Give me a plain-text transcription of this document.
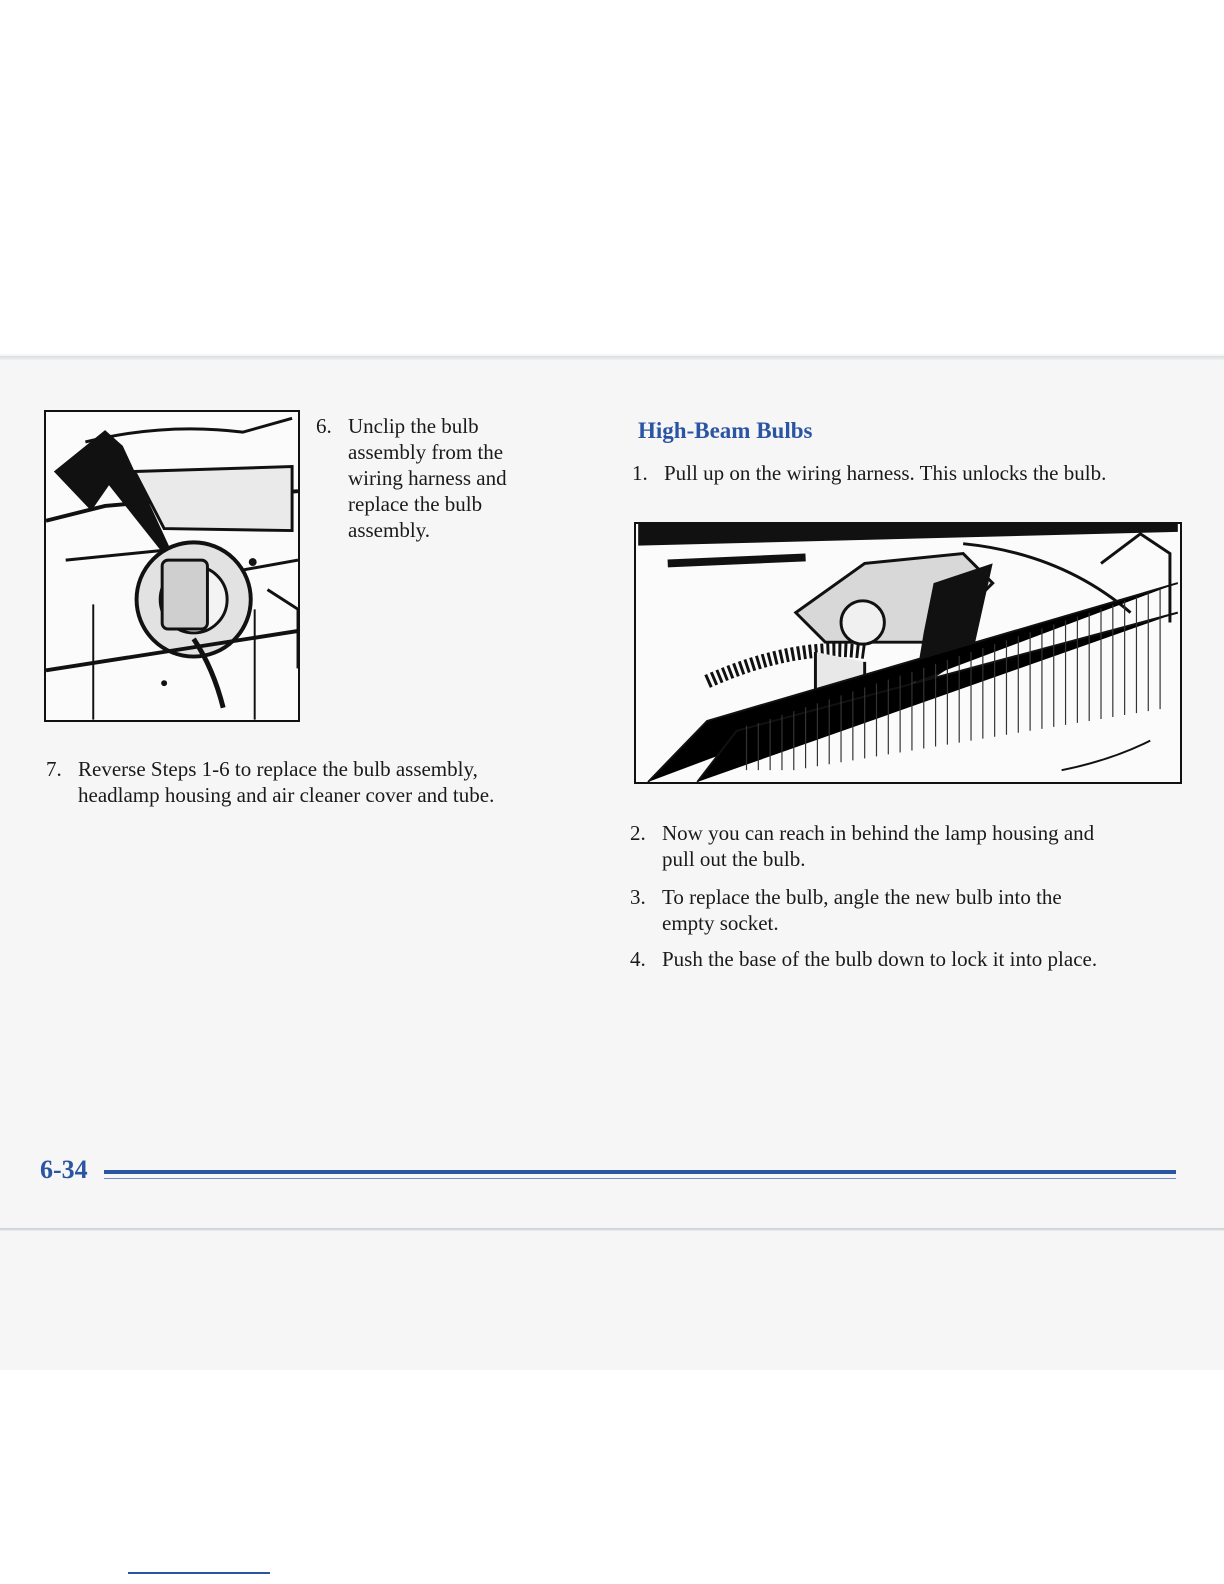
6. Unclip the bulb
assembly from the
wiring harness and
replace the bulb
assembly.
7. Reverse Steps 1-6 to replace the bulb assembly,
headlamp housing and air cleaner cover and tube.
High-Beam Bulbs
1. Pull up on the wiring harness. This unlocks the bulb.
2. Now you can reach in behind the lamp housing and
pull out the bulb.
3. To replace the bulb, angle the new bulb into the
empty socket.
4. Push the base of the bulb down to lock it into place.
6-34
